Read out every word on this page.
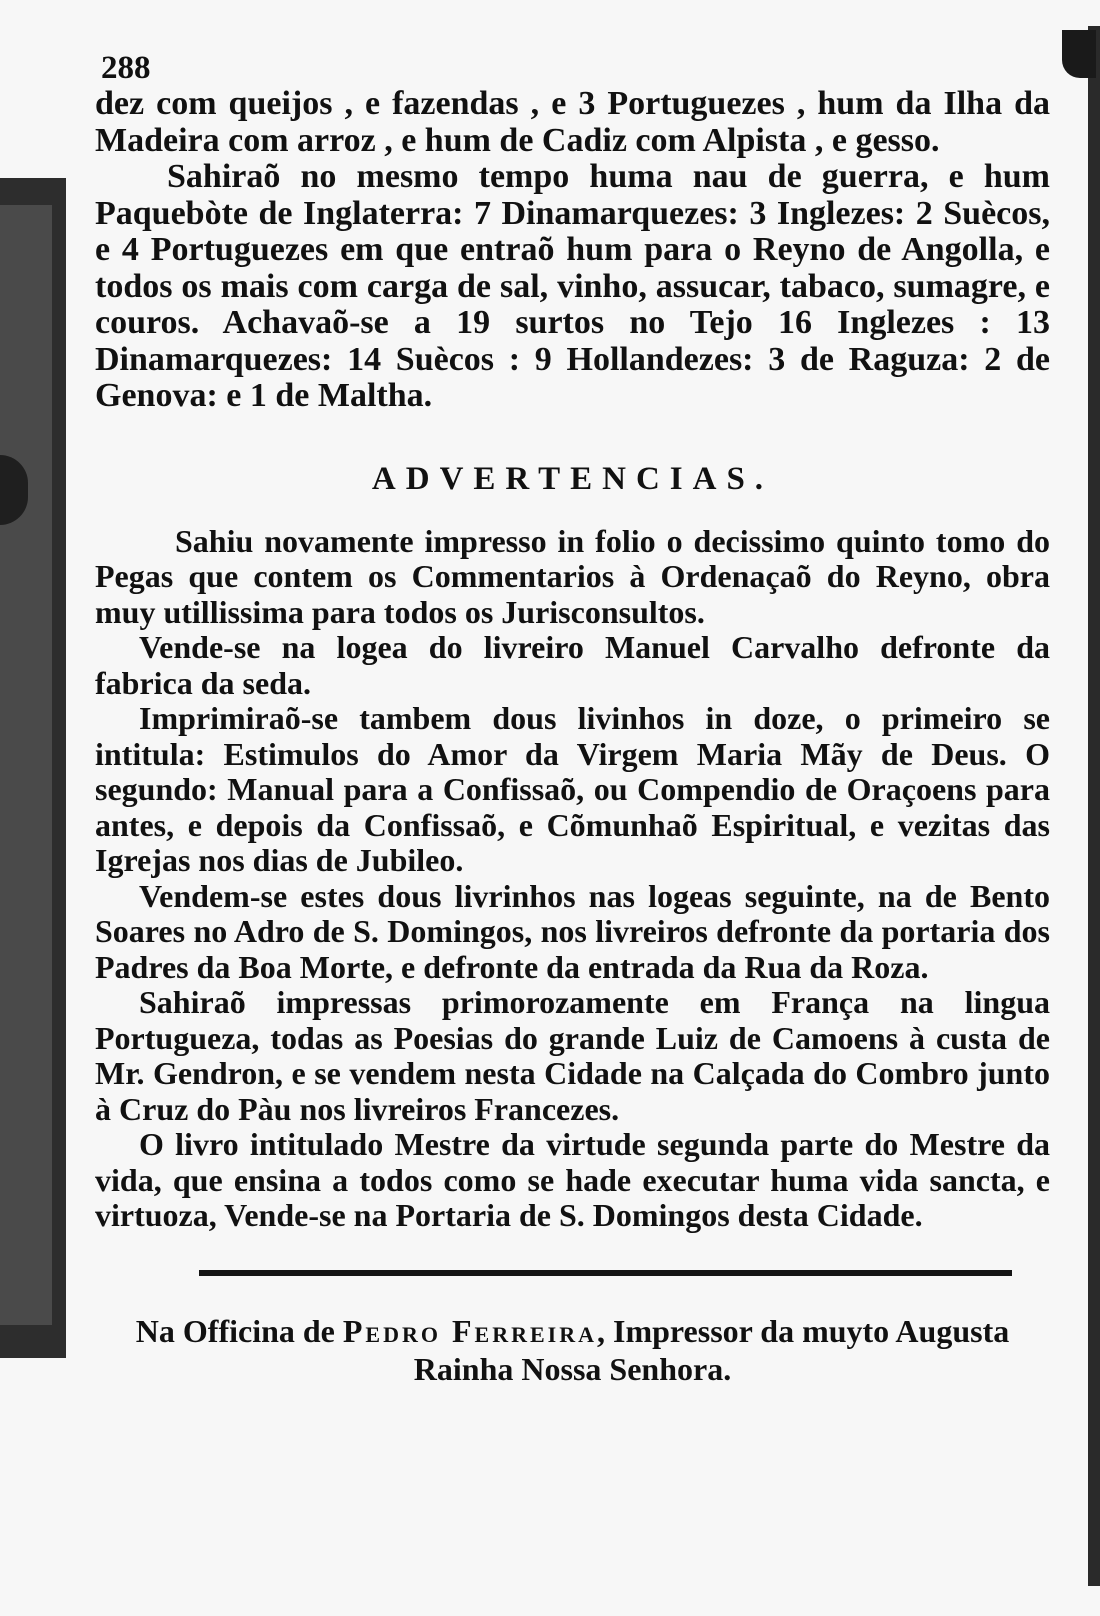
288

dez com queijos , e fazendas , e 3 Portuguezes , hum da Ilha da Madeira com arroz , e hum de Cadiz com Alpista , e gesso.

Sahiraõ no mesmo tempo huma nau de guerra, e hum Paquebòte de Inglaterra: 7 Dinamarquezes: 3 Inglezes: 2 Suècos, e 4 Portuguezes em que entraõ hum para o Reyno de Angolla, e todos os mais com carga de sal, vinho, assucar, tabaco, sumagre, e couros. Achavaõ-se a 19 surtos no Tejo 16 Inglezes : 13 Dinamarquezes: 14 Suècos : 9 Hollandezes: 3 de Raguza: 2 de Genova: e 1 de Maltha.

ADVERTENCIAS.
Sahiu novamente impresso in folio o decissimo quinto tomo do Pegas que contem os Commentarios à Ordenaçaõ do Reyno, obra muy utillissima para todos os Jurisconsultos.
Vende-se na logea do livreiro Manuel Carvalho defronte da fabrica da seda.
Imprimiraõ-se tambem dous livinhos in doze, o primeiro se intitula: Estimulos do Amor da Virgem Maria Mãy de Deus. O segundo: Manual para a Confissaõ, ou Compendio de Oraçoens para antes, e depois da Confissaõ, e Cõmunhaõ Espiritual, e vezitas das Igrejas nos dias de Jubileo.
Vendem-se estes dous livrinhos nas logeas seguinte, na de Bento Soares no Adro de S. Domingos, nos livreiros defronte da portaria dos Padres da Boa Morte, e defronte da entrada da Rua da Roza.
Sahiraõ impressas primorozamente em França na lingua Portugueza, todas as Poesias do grande Luiz de Camoens à custa de Mr. Gendron, e se vendem nesta Cidade na Calçada do Combro junto à Cruz do Pàu nos livreiros Francezes.
O livro intitulado Mestre da virtude segunda parte do Mestre da vida, que ensina a todos como se hade executar huma vida sancta, e virtuoza, Vende-se na Portaria de S. Domingos desta Cidade.
Na Officina de Pedro Ferreira, Impressor da muyto Augusta Rainha Nossa Senhora.
